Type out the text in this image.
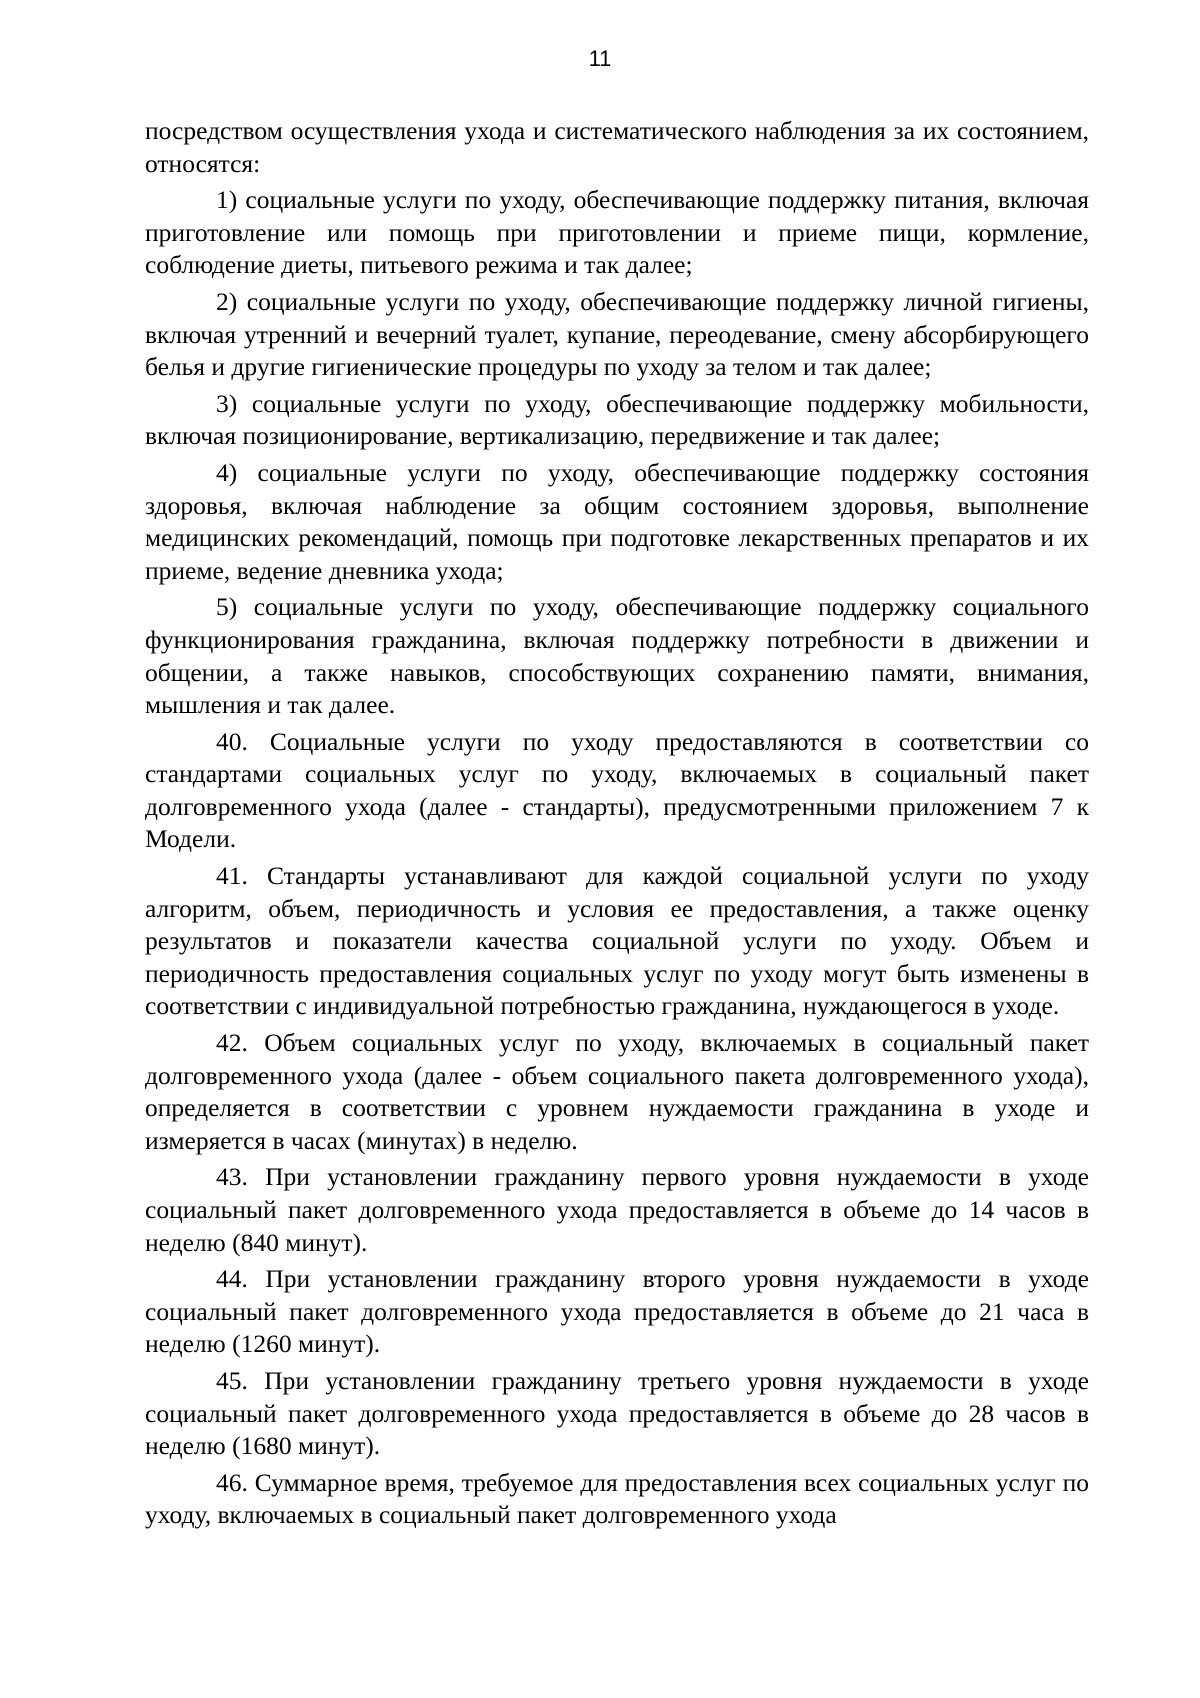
11

посредством осуществления ухода и систематического наблюдения за их состоянием, относятся:

1) социальные услуги по уходу, обеспечивающие поддержку питания, включая приготовление или помощь при приготовлении и приеме пищи, кормление, соблюдение диеты, питьевого режима и так далее;

2) социальные услуги по уходу, обеспечивающие поддержку личной гигиены, включая утренний и вечерний туалет, купание, переодевание, смену абсорбирующего белья и другие гигиенические процедуры по уходу за телом и так далее;

3) социальные услуги по уходу, обеспечивающие поддержку мобильности, включая позиционирование, вертикализацию, передвижение и так далее;

4) социальные услуги по уходу, обеспечивающие поддержку состояния здоровья, включая наблюдение за общим состоянием здоровья, выполнение медицинских рекомендаций, помощь при подготовке лекарственных препаратов и их приеме, ведение дневника ухода;

5) социальные услуги по уходу, обеспечивающие поддержку социального функционирования гражданина, включая поддержку потребности в движении и общении, а также навыков, способствующих сохранению памяти, внимания, мышления и так далее.

40. Социальные услуги по уходу предоставляются в соответствии со стандартами социальных услуг по уходу, включаемых в социальный пакет долговременного ухода (далее - стандарты), предусмотренными приложением 7 к Модели.

41. Стандарты устанавливают для каждой социальной услуги по уходу алгоритм, объем, периодичность и условия ее предоставления, а также оценку результатов и показатели качества социальной услуги по уходу. Объем и периодичность предоставления социальных услуг по уходу могут быть изменены в соответствии с индивидуальной потребностью гражданина, нуждающегося в уходе.

42. Объем социальных услуг по уходу, включаемых в социальный пакет долговременного ухода (далее - объем социального пакета долговременного ухода), определяется в соответствии с уровнем нуждаемости гражданина в уходе и измеряется в часах (минутах) в неделю.

43. При установлении гражданину первого уровня нуждаемости в уходе социальный пакет долговременного ухода предоставляется в объеме до 14 часов в неделю (840 минут).

44. При установлении гражданину второго уровня нуждаемости в уходе социальный пакет долговременного ухода предоставляется в объеме до 21 часа в неделю (1260 минут).

45. При установлении гражданину третьего уровня нуждаемости в уходе социальный пакет долговременного ухода предоставляется в объеме до 28 часов в неделю (1680 минут).

46. Суммарное время, требуемое для предоставления всех социальных услуг по уходу, включаемых в социальный пакет долговременного ухода
